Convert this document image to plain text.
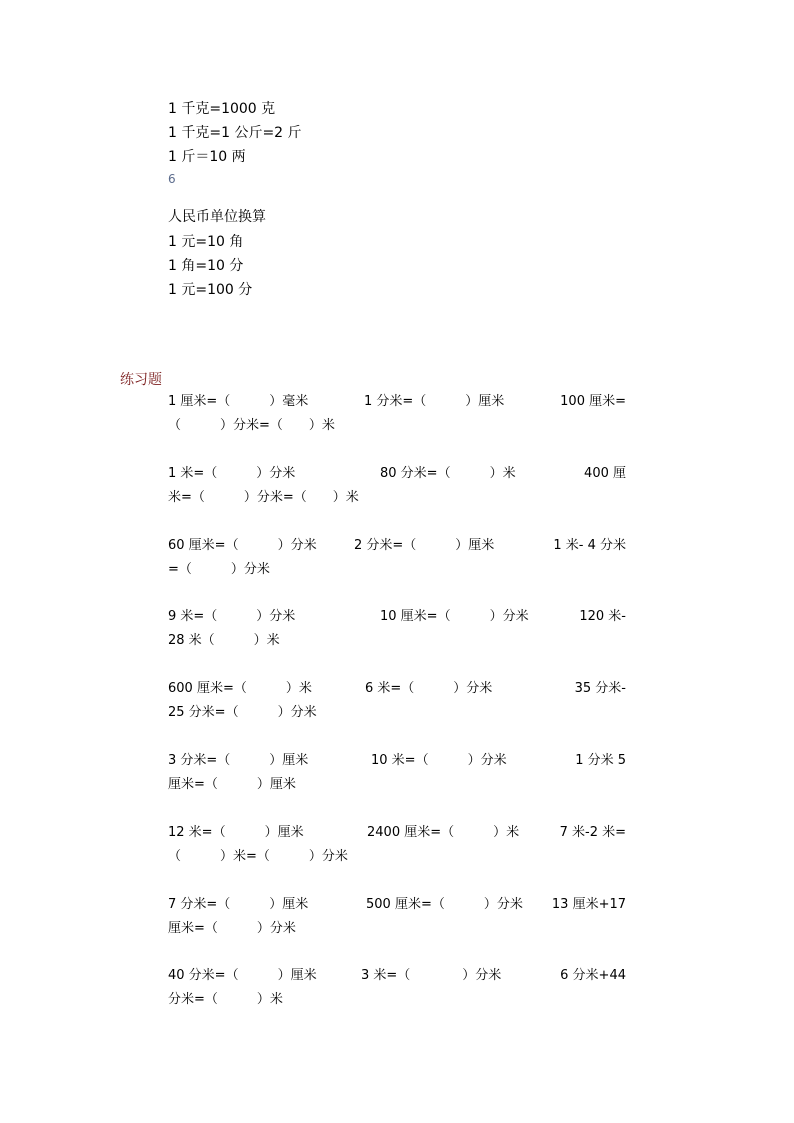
1 千克=1000 克
1 千克=1 公斤=2 斤
1 斤＝10 两
6
人民币单位换算
1 元=10 角
1 角=10 分
1 元=100 分
练习题
1 厘米=（　　　）毫米	1 分米=（　　　）厘米	100 厘米=
（　　　）分米=（　　）米
1 米=（　　　）分米	80 分米=（　　　）米	400 厘
米=（　　　）分米=（　　）米
60 厘米=（　　　）分米	2 分米=（　　　）厘米	1 米- 4 分米
=（　　　）分米
9 米=（　　　）分米	10 厘米=（　　　）分米	120 米-
28 米（　　　）米
600 厘米=（　　　）米	6 米=（　　　）分米	35 分米-
25 分米=（　　　）分米
3 分米=（　　　）厘米	10 米=（　　　）分米	1 分米 5
厘米=（　　　）厘米
12 米=（　　　）厘米	2400 厘米=（　　　）米	7 米-2 米=
（　　　）米=（　　　）分米
7 分米=（　　　）厘米	500 厘米=（　　　）分米 13 厘米+17
厘米=（　　　）分米
40 分米=（　　　）厘米	3 米=（　　　　）分米	6 分米+44
分米=（　　　）米
